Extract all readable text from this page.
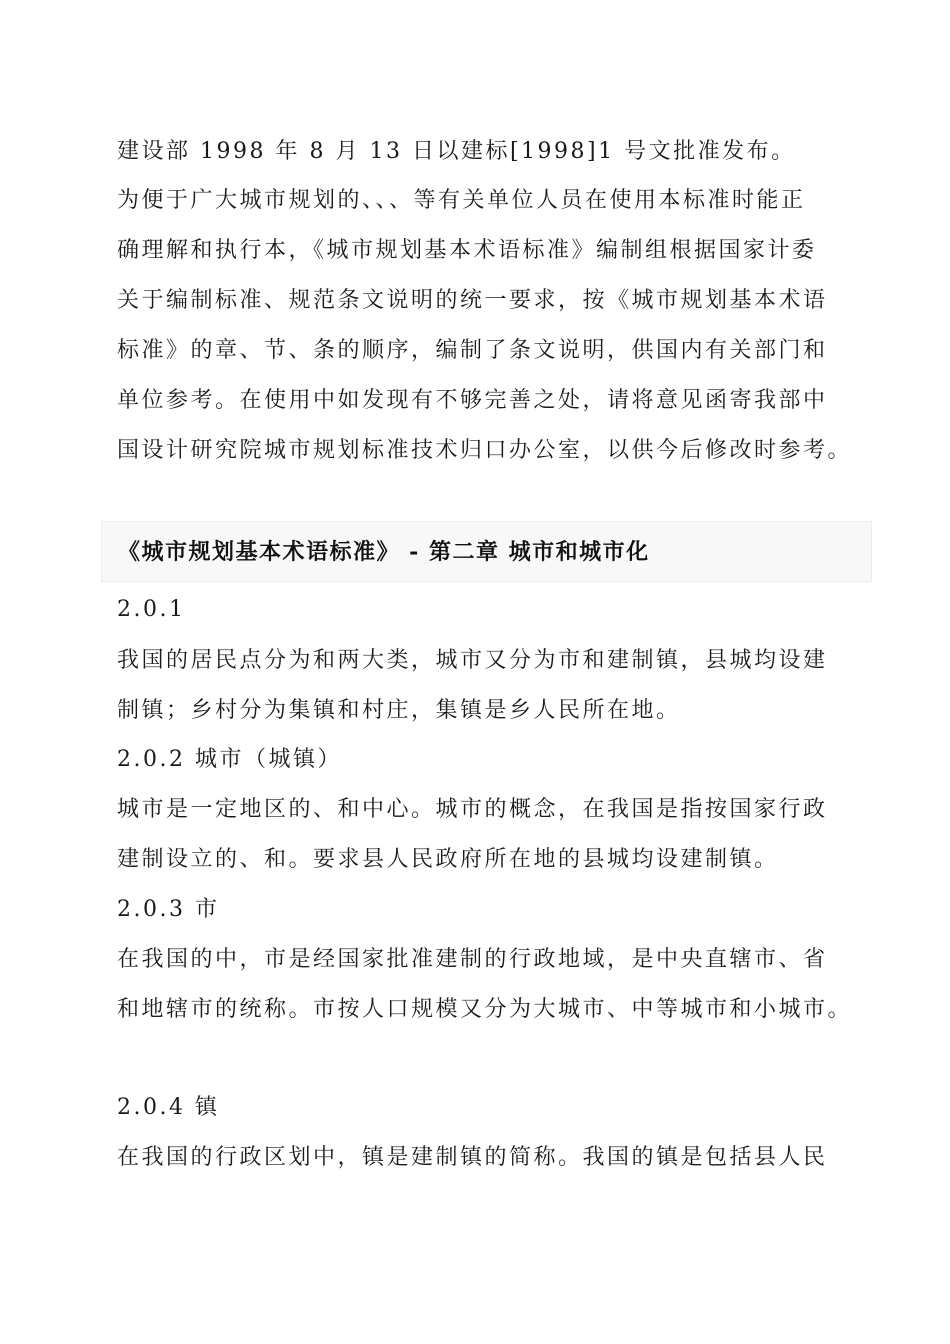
建设部 1998 年 8 月 13 日以建标[1998]1 号文批准发布。
为便于广大城市规划的、、、等有关单位人员在使用本标准时能正
确理解和执行本，《城市规划基本术语标准》编制组根据国家计委
关于编制标准、规范条文说明的统一要求，按《城市规划基本术语
标准》的章、节、条的顺序，编制了条文说明，供国内有关部门和
单位参考。在使用中如发现有不够完善之处，请将意见函寄我部中
国设计研究院城市规划标准技术归口办公室，以供今后修改时参考。
《城市规划基本术语标准》 - 第二章 城市和城市化
2.0.1
我国的居民点分为和两大类，城市又分为市和建制镇，县城均设建
制镇；乡村分为集镇和村庄，集镇是乡人民所在地。
2.0.2 城市（城镇）
城市是一定地区的、和中心。城市的概念，在我国是指按国家行政
建制设立的、和。要求县人民政府所在地的县城均设建制镇。
2.0.3 市
在我国的中，市是经国家批准建制的行政地域，是中央直辖市、省
和地辖市的统称。市按人口规模又分为大城市、中等城市和小城市。
2.0.4 镇
在我国的行政区划中，镇是建制镇的简称。我国的镇是包括县人民
